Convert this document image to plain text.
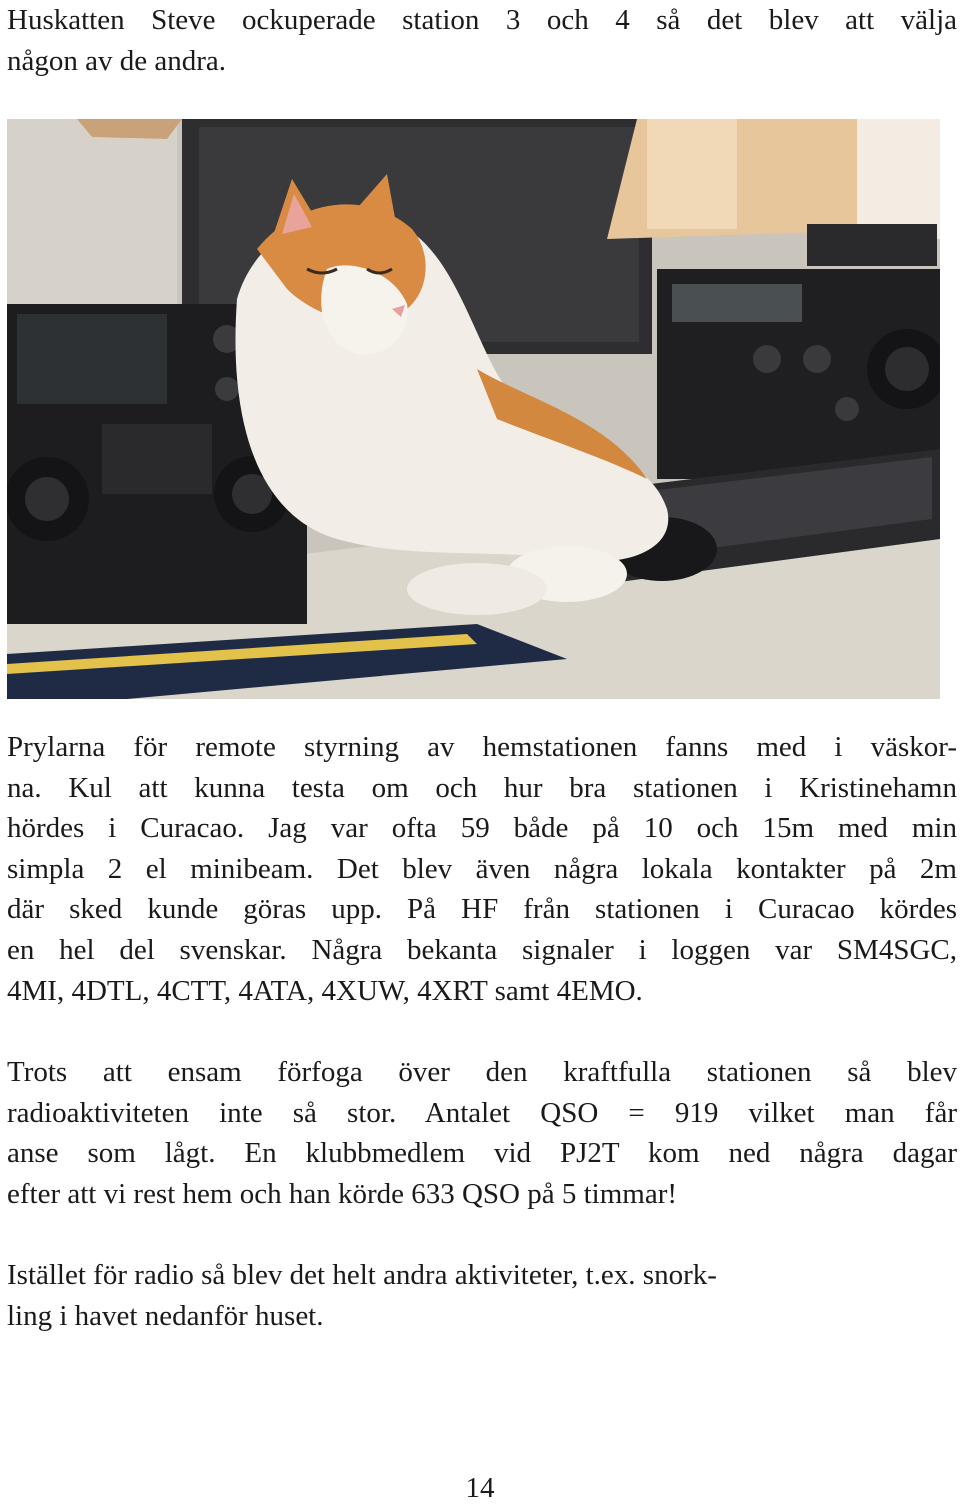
Huskatten Steve ockuperade station 3 och 4 så det blev att välja
någon av de andra.

Prylarna för remote styrning av hemstationen fanns med i väskor-
na. Kul att kunna testa om och hur bra stationen i Kristinehamn
hördes i Curacao. Jag var ofta 59 både på 10 och 15m med min
simpla 2 el minibeam. Det blev även några lokala kontakter på 2m
där sked kunde göras upp. På HF från stationen i Curacao kördes
en hel del svenskar. Några bekanta signaler i loggen var SM4SGC,
4MI, 4DTL, 4CTT, 4ATA, 4XUW, 4XRT samt 4EMO.

Trots att ensam förfoga över den kraftfulla stationen så blev
radioaktiviteten inte så stor. Antalet QSO = 919 vilket man får
anse som lågt. En klubbmedlem vid PJ2T kom ned några dagar
efter att vi rest hem och han körde 633 QSO på 5 timmar!

Istället för radio så blev det helt andra aktiviteter, t.ex. snork-
ling i havet nedanför huset.

14
